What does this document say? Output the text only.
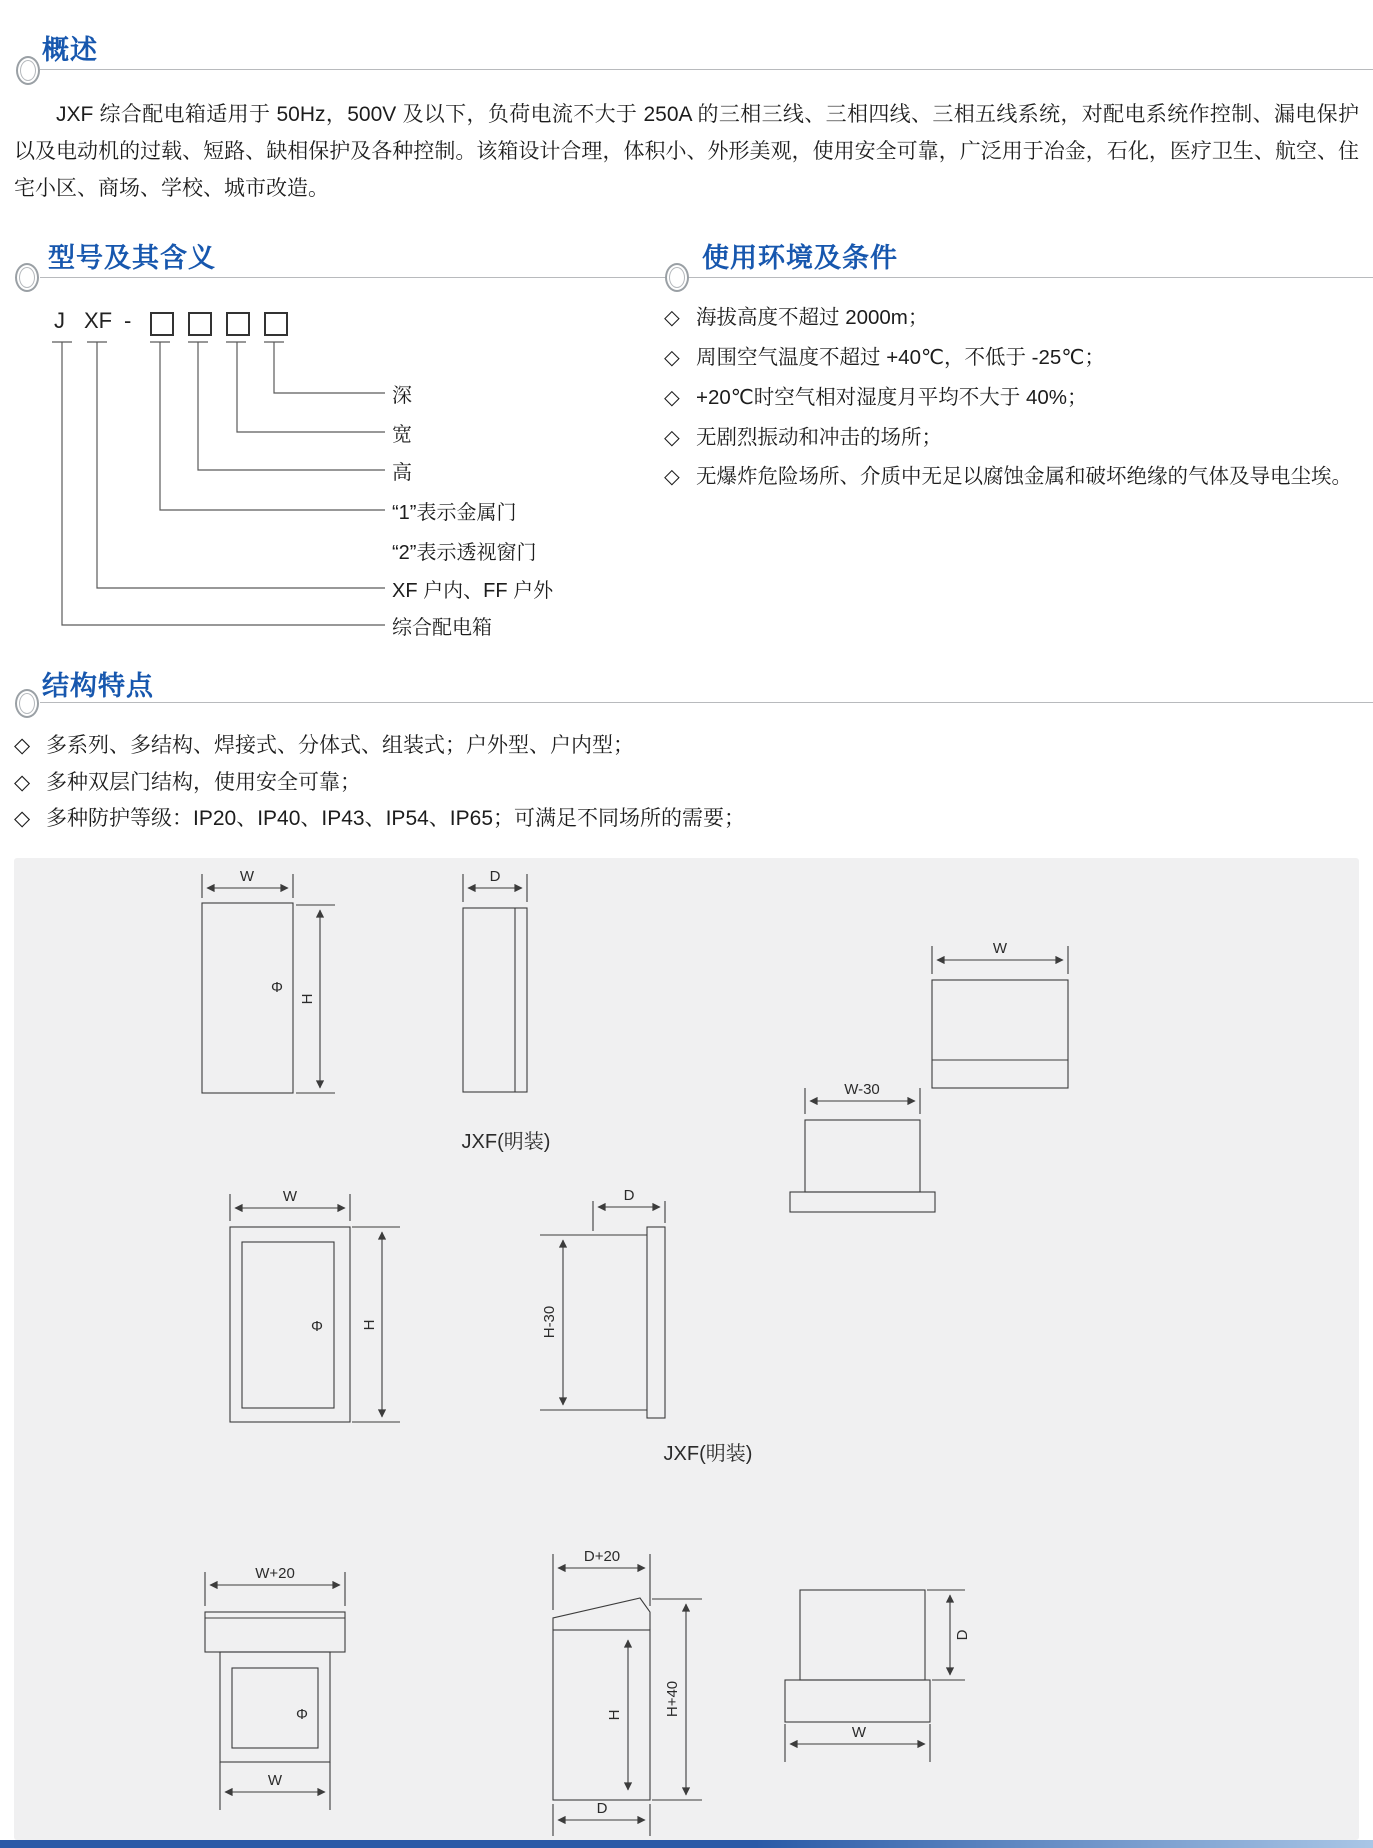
概述
JXF 综合配电箱适用于 50Hz，500V 及以下，负荷电流不大于 250A 的三相三线、三相四线、三相五线系统，对配电系统作控制、漏电保护以及电动机的过载、短路、缺相保护及各种控制。该箱设计合理，体积小、外形美观，使用安全可靠，广泛用于冶金，石化，医疗卫生、航空、住宅小区、商场、学校、城市改造。
型号及其含义	使用环境及条件
J XF -
深
宽
高
“1”表示金属门
“2”表示透视窗门
XF 户内、FF 户外
综合配电箱
◇ 海拔高度不超过 2000m；
◇ 周围空气温度不超过 +40℃，不低于 -25℃；
◇ +20℃时空气相对湿度月平均不大于 40%；
◇ 无剧烈振动和冲击的场所；
◇ 无爆炸危险场所、介质中无足以腐蚀金属和破坏绝缘的气体及导电尘埃。
结构特点
◇ 多系列、多结构、焊接式、分体式、组装式；户外型、户内型；
◇ 多种双层门结构，使用安全可靠；
◇ 多种防护等级：IP20、IP40、IP43、IP54、IP65；可满足不同场所的需要；
W
H
Φ
D
W
JXF(明装)
W
H
Φ
D
H-30
W-30
JXF(明装)
W+20
W
Φ
D+20
H	H+40
D
D
W
